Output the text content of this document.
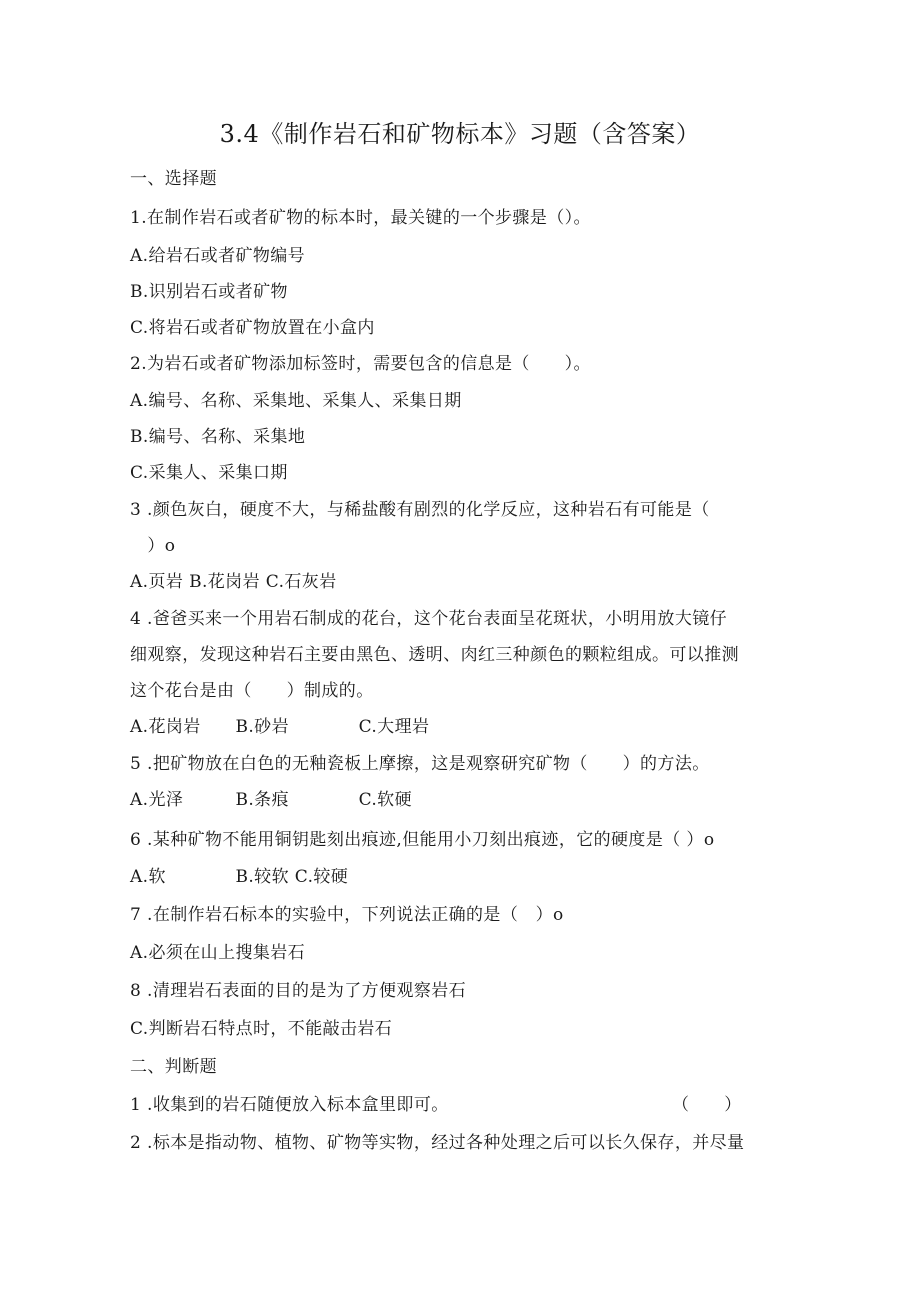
3.4《制作岩石和矿物标本》习题（含答案）
一、选择题
1.在制作岩石或者矿物的标本时，最关键的一个步骤是（）。
A.给岩石或者矿物编号
B.识别岩石或者矿物
C.将岩石或者矿物放置在小盒内
2.为岩石或者矿物添加标签时，需要包含的信息是（　　）。
A.编号、名称、采集地、采集人、采集日期
B.编号、名称、采集地
C.采集人、采集口期
3 .颜色灰白，硬度不大，与稀盐酸有剧烈的化学反应，这种岩石有可能是（
　）o
A.页岩 B.花岗岩 C.石灰岩
4 .爸爸买来一个用岩石制成的花台，这个花台表面呈花斑状，小明用放大镜仔
细观察，发现这种岩石主要由黑色、透明、肉红三种颜色的颗粒组成。可以推测
这个花台是由（　　）制成的。
A.花岗岩　　B.砂岩　　　　C.大理岩
5 .把矿物放在白色的无釉瓷板上摩擦，这是观察研究矿物（　　）的方法。
A.光泽　　　B.条痕　　　　C.软硬
6 .某种矿物不能用铜钥匙刻出痕迹,但能用小刀刻出痕迹，它的硬度是（ ）o
A.软　　　　B.较软 C.较硬
7 .在制作岩石标本的实验中，下列说法正确的是（　）o
A.必须在山上搜集岩石
8 .清理岩石表面的目的是为了方便观察岩石
C.判断岩石特点时，不能敲击岩石
二、判断题
1 .收集到的岩石随便放入标本盒里即可。	（　　）
2 .标本是指动物、植物、矿物等实物，经过各种处理之后可以长久保存，并尽量
